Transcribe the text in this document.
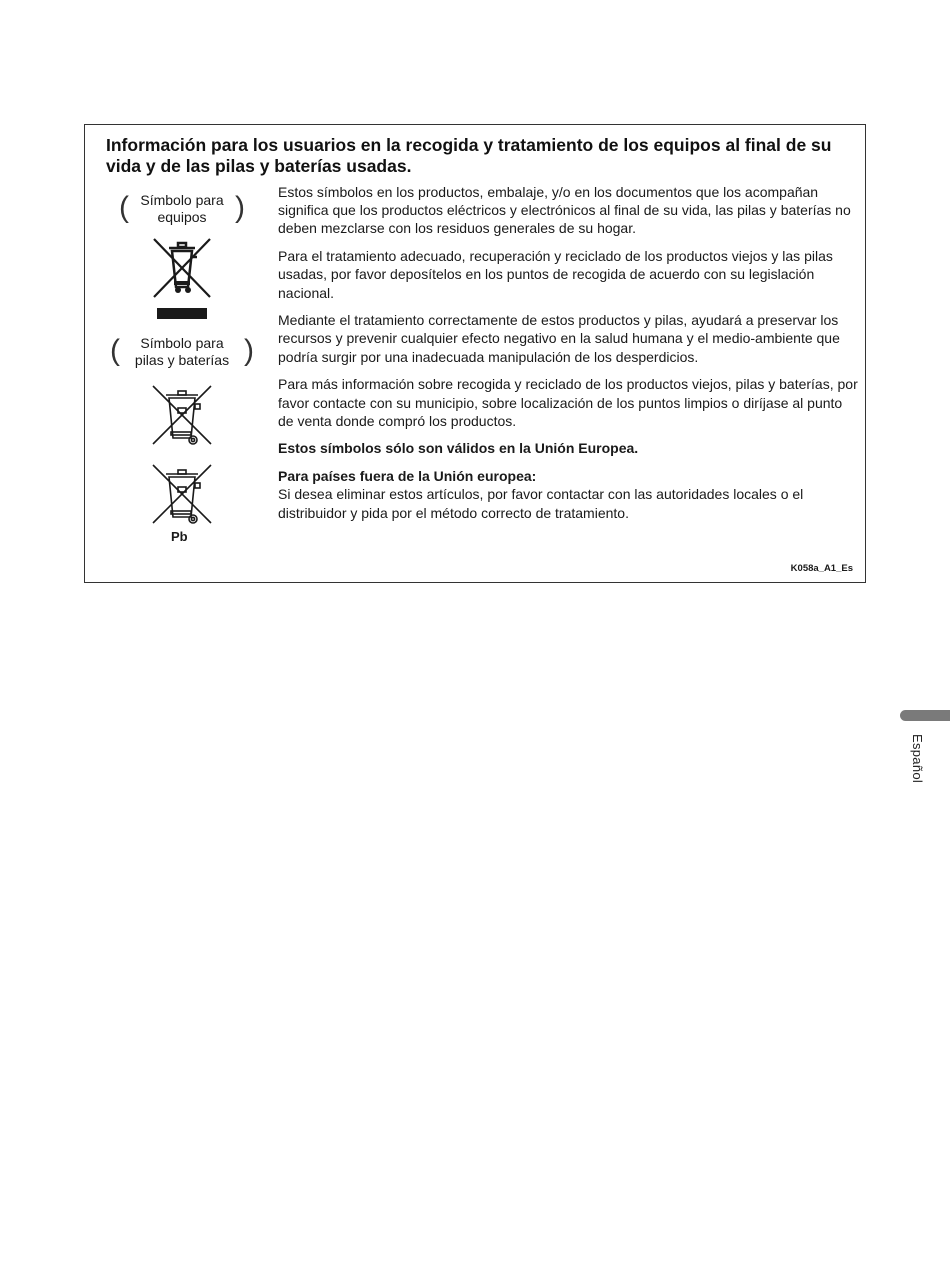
Información para los usuarios en la recogida y tratamiento de los equipos al final de su vida y de las pilas y baterías usadas.
( Símbolo para
equipos )
(	Símbolo para
pilas y baterías )
Pb

Estos símbolos en los productos, embalaje, y/o en los documentos que los acompañan significa que los productos eléctricos y electrónicos al final de su vida, las pilas y baterías no deben mezclarse con los residuos generales de su hogar.

Para el tratamiento adecuado, recuperación y reciclado de los productos viejos y las pilas usadas, por favor deposítelos en los puntos de recogida de acuerdo con su legislación nacional.

Mediante el tratamiento correctamente de estos productos y pilas, ayudará a preservar los recursos y prevenir cualquier efecto negativo en la salud humana y el medio-ambiente que podría surgir por una inadecuada manipulación de los desperdicios.

Para más información sobre recogida y reciclado de los productos viejos, pilas y baterías, por favor contacte con su municipio, sobre localización de los puntos limpios o diríjase al punto de venta donde compró los productos.

Estos símbolos sólo son válidos en la Unión Europea.

Para países fuera de la Unión europea:

Si desea eliminar estos artículos, por favor contactar con las autoridades locales o el distribuidor y pida por el método correcto de tratamiento.

K058a_A1_Es
Español
